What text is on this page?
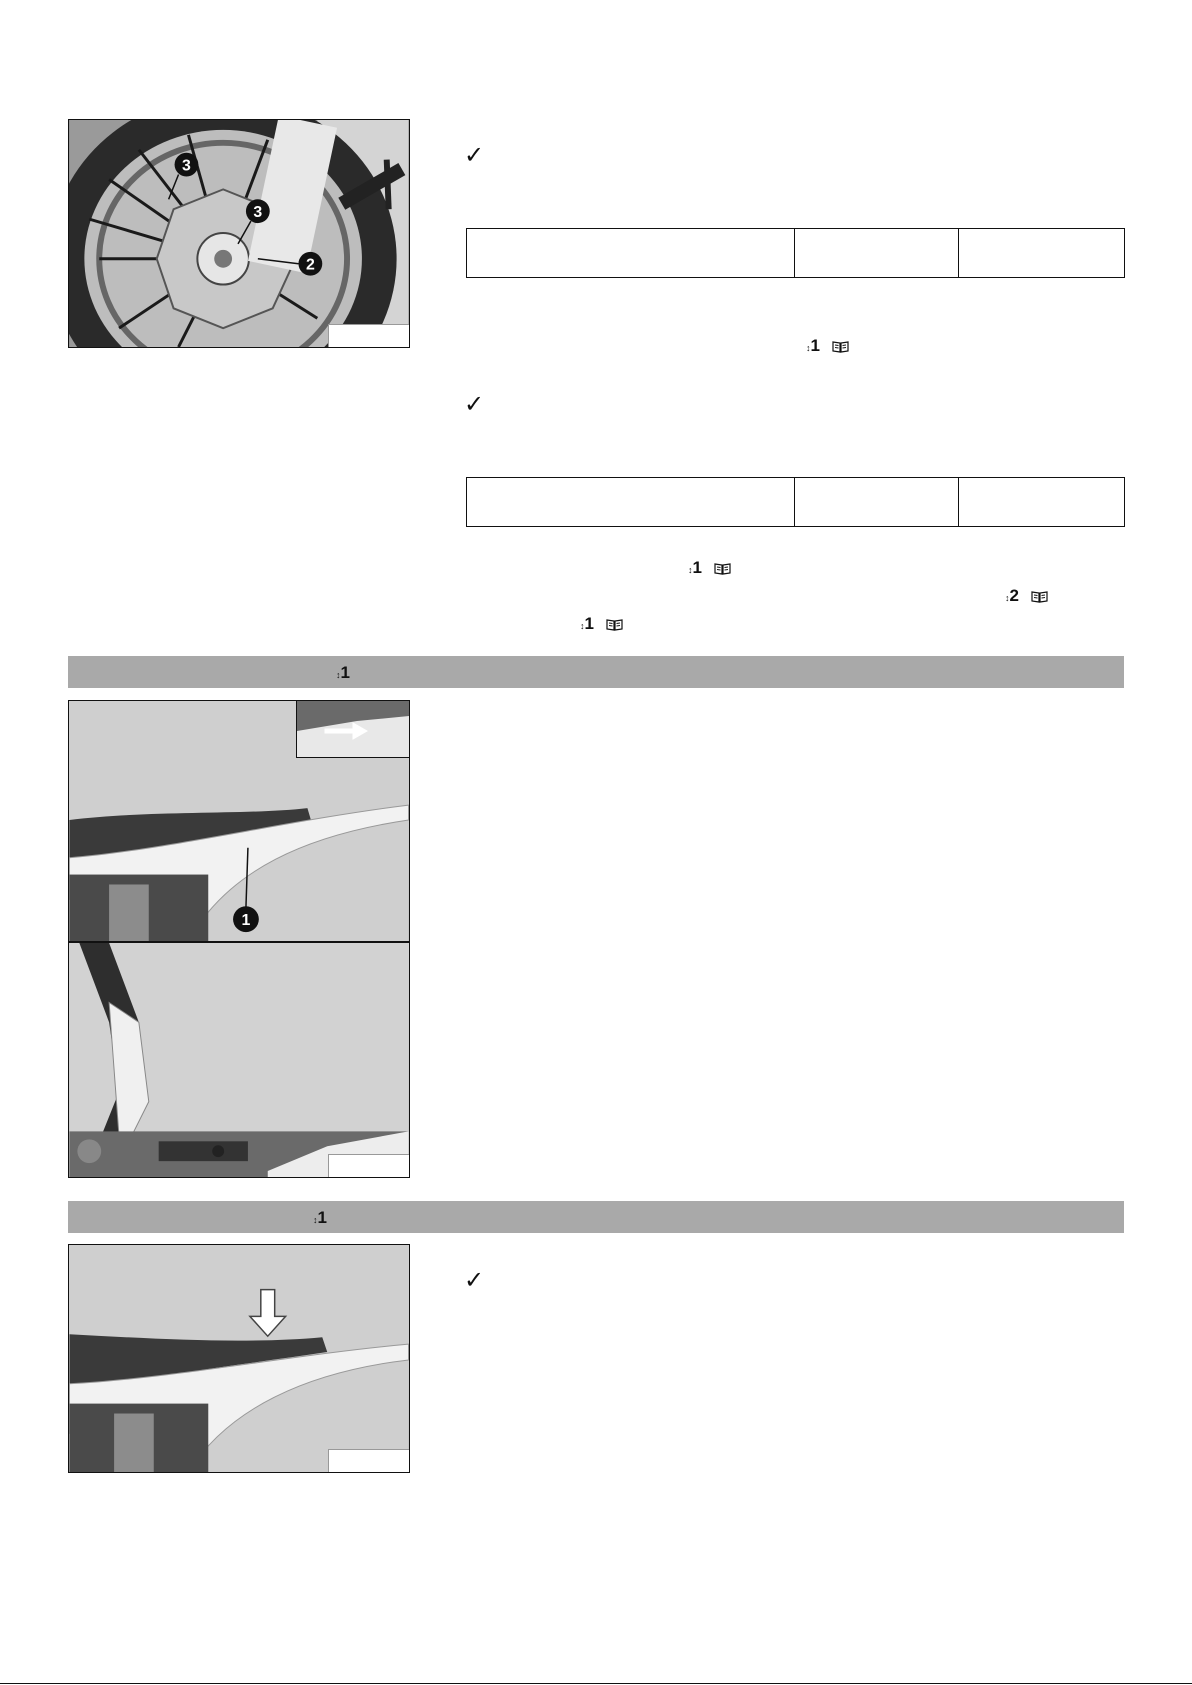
3
3
2
✓

↕1
✓

↕1
↕2
↕1
↕1
1
↕1
✓
